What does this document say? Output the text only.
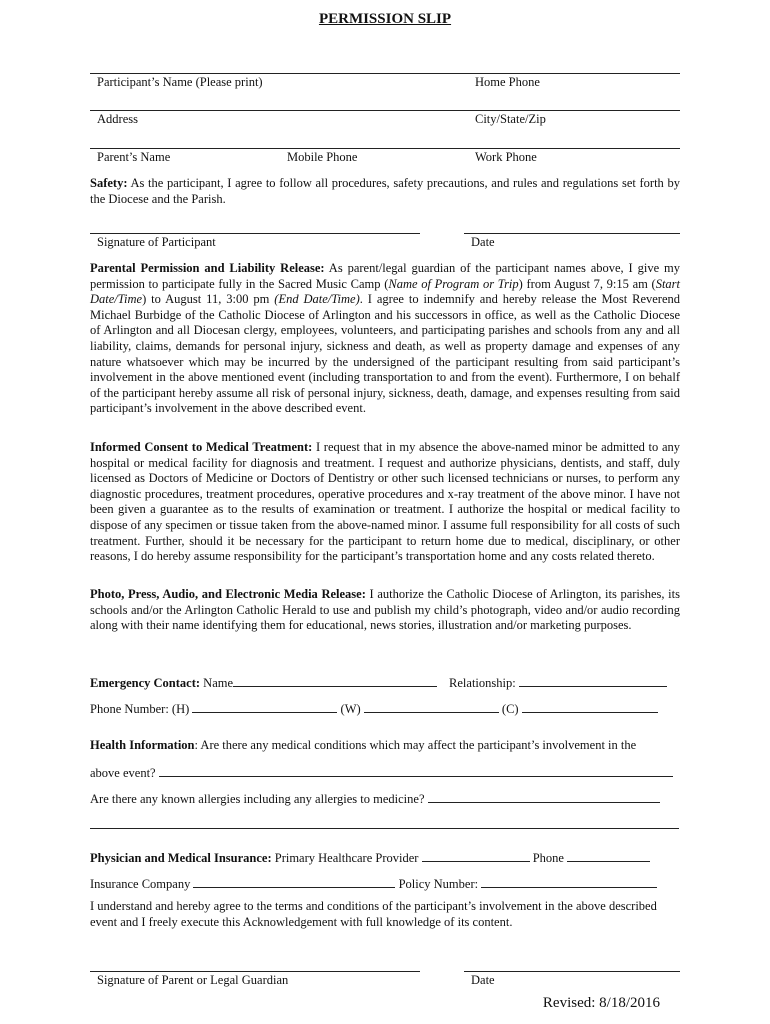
PERMISSION SLIP
Participant’s Name (Please print)	Home Phone
Address	City/State/Zip
Parent’s Name	Mobile Phone	Work Phone
Safety: As the participant, I agree to follow all procedures, safety precautions, and rules and regulations set forth by the Diocese and the Parish.
Signature of Participant	Date
Parental Permission and Liability Release: As parent/legal guardian of the participant names above, I give my permission to participate fully in the Sacred Music Camp (Name of Program or Trip) from August 7, 9:15 am (Start Date/Time) to August 11, 3:00 pm (End Date/Time). I agree to indemnify and hereby release the Most Reverend Michael Burbidge of the Catholic Diocese of Arlington and his successors in office, as well as the Catholic Diocese of Arlington and all Diocesan clergy, employees, volunteers, and participating parishes and schools from any and all liability, claims, demands for personal injury, sickness and death, as well as property damage and expenses of any nature whatsoever which may be incurred by the undersigned of the participant resulting from said participant’s involvement in the above mentioned event (including transportation to and from the event). Furthermore, I on behalf of the participant hereby assume all risk of personal injury, sickness, death, damage, and expenses resulting from said participant’s involvement in the above described event.
Informed Consent to Medical Treatment: I request that in my absence the above-named minor be admitted to any hospital or medical facility for diagnosis and treatment. I request and authorize physicians, dentists, and staff, duly licensed as Doctors of Medicine or Doctors of Dentistry or other such licensed technicians or nurses, to perform any diagnostic procedures, treatment procedures, operative procedures and x-ray treatment of the above minor. I have not been given a guarantee as to the results of examination or treatment. I authorize the hospital or medical facility to dispose of any specimen or tissue taken from the above-named minor. I assume full responsibility for all costs of such treatment. Further, should it be necessary for the participant to return home due to medical, disciplinary, or other reasons, I do hereby assume responsibility for the participant’s transportation home and any costs related thereto.
Photo, Press, Audio, and Electronic Media Release: I authorize the Catholic Diocese of Arlington, its parishes, its schools and/or the Arlington Catholic Herald to use and publish my child’s photograph, video and/or audio recording along with their name identifying them for educational, news stories, illustration and/or marketing purposes.
Emergency Contact: Name	Relationship:
Phone Number: (H)	(W)	(C)
Health Information: Are there any medical conditions which may affect the participant’s involvement in the
above event?
Are there any known allergies including any allergies to medicine?
Physician and Medical Insurance: Primary Healthcare Provider	Phone
Insurance Company	Policy Number:
I understand and hereby agree to the terms and conditions of the participant’s involvement in the above described event and I freely execute this Acknowledgement with full knowledge of its content.
Signature of Parent or Legal Guardian	Date
Revised: 8/18/2016
